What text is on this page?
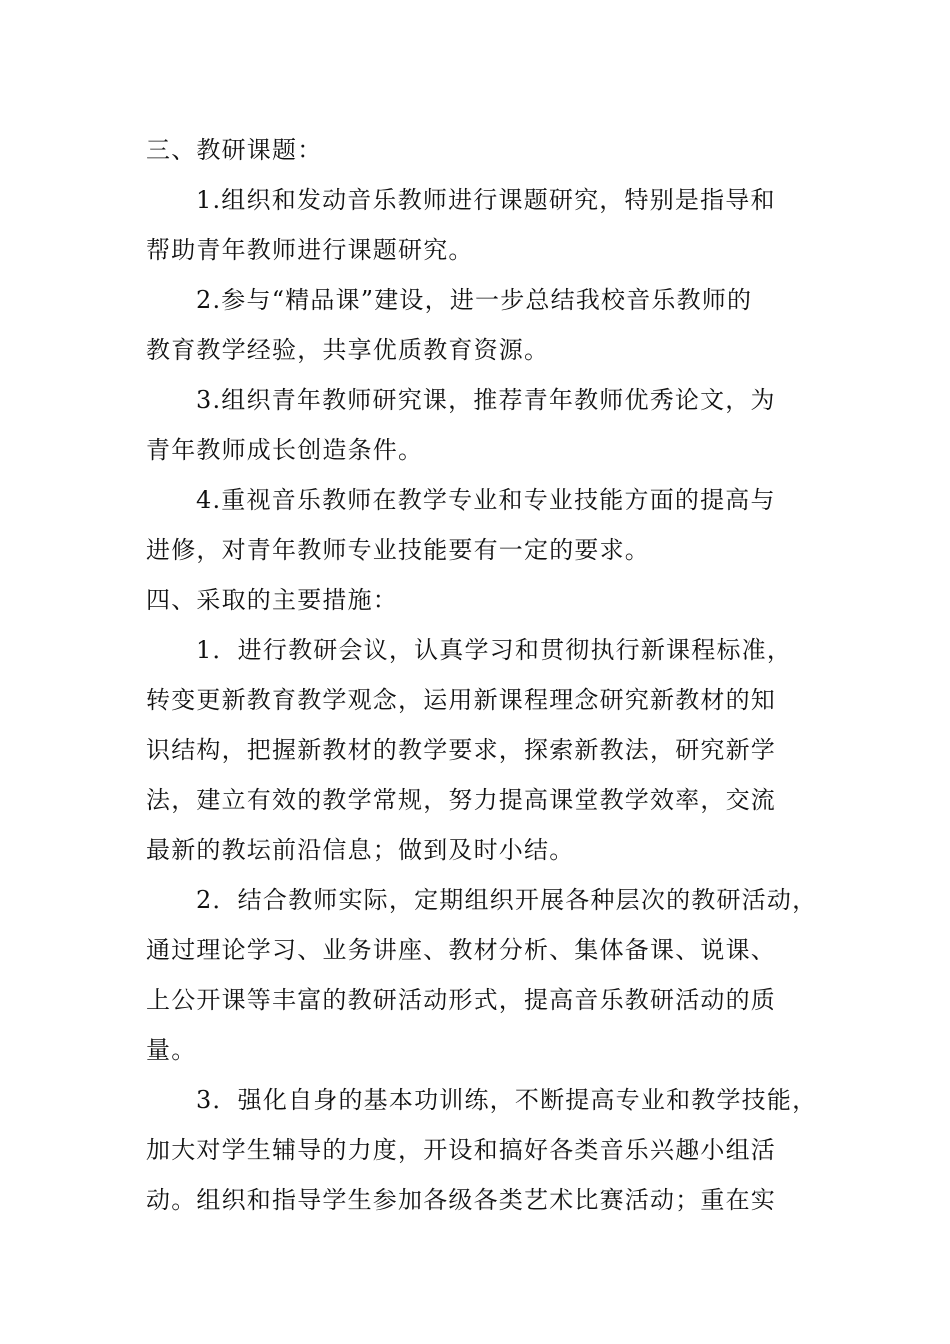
三、教研课题：
1.组织和发动音乐教师进行课题研究，特别是指导和
帮助青年教师进行课题研究。
2.参与“精品课”建设，进一步总结我校音乐教师的
教育教学经验，共享优质教育资源。
3.组织青年教师研究课，推荐青年教师优秀论文，为
青年教师成长创造条件。
4.重视音乐教师在教学专业和专业技能方面的提高与
进修，对青年教师专业技能要有一定的要求。
四、采取的主要措施：
1．进行教研会议，认真学习和贯彻执行新课程标准，
转变更新教育教学观念，运用新课程理念研究新教材的知
识结构，把握新教材的教学要求，探索新教法，研究新学
法，建立有效的教学常规，努力提高课堂教学效率，交流
最新的教坛前沿信息；做到及时小结。
2．结合教师实际，定期组织开展各种层次的教研活动，
通过理论学习、业务讲座、教材分析、集体备课、说课、
上公开课等丰富的教研活动形式，提高音乐教研活动的质
量。
3．强化自身的基本功训练，不断提高专业和教学技能，
加大对学生辅导的力度，开设和搞好各类音乐兴趣小组活
动。组织和指导学生参加各级各类艺术比赛活动；重在实
